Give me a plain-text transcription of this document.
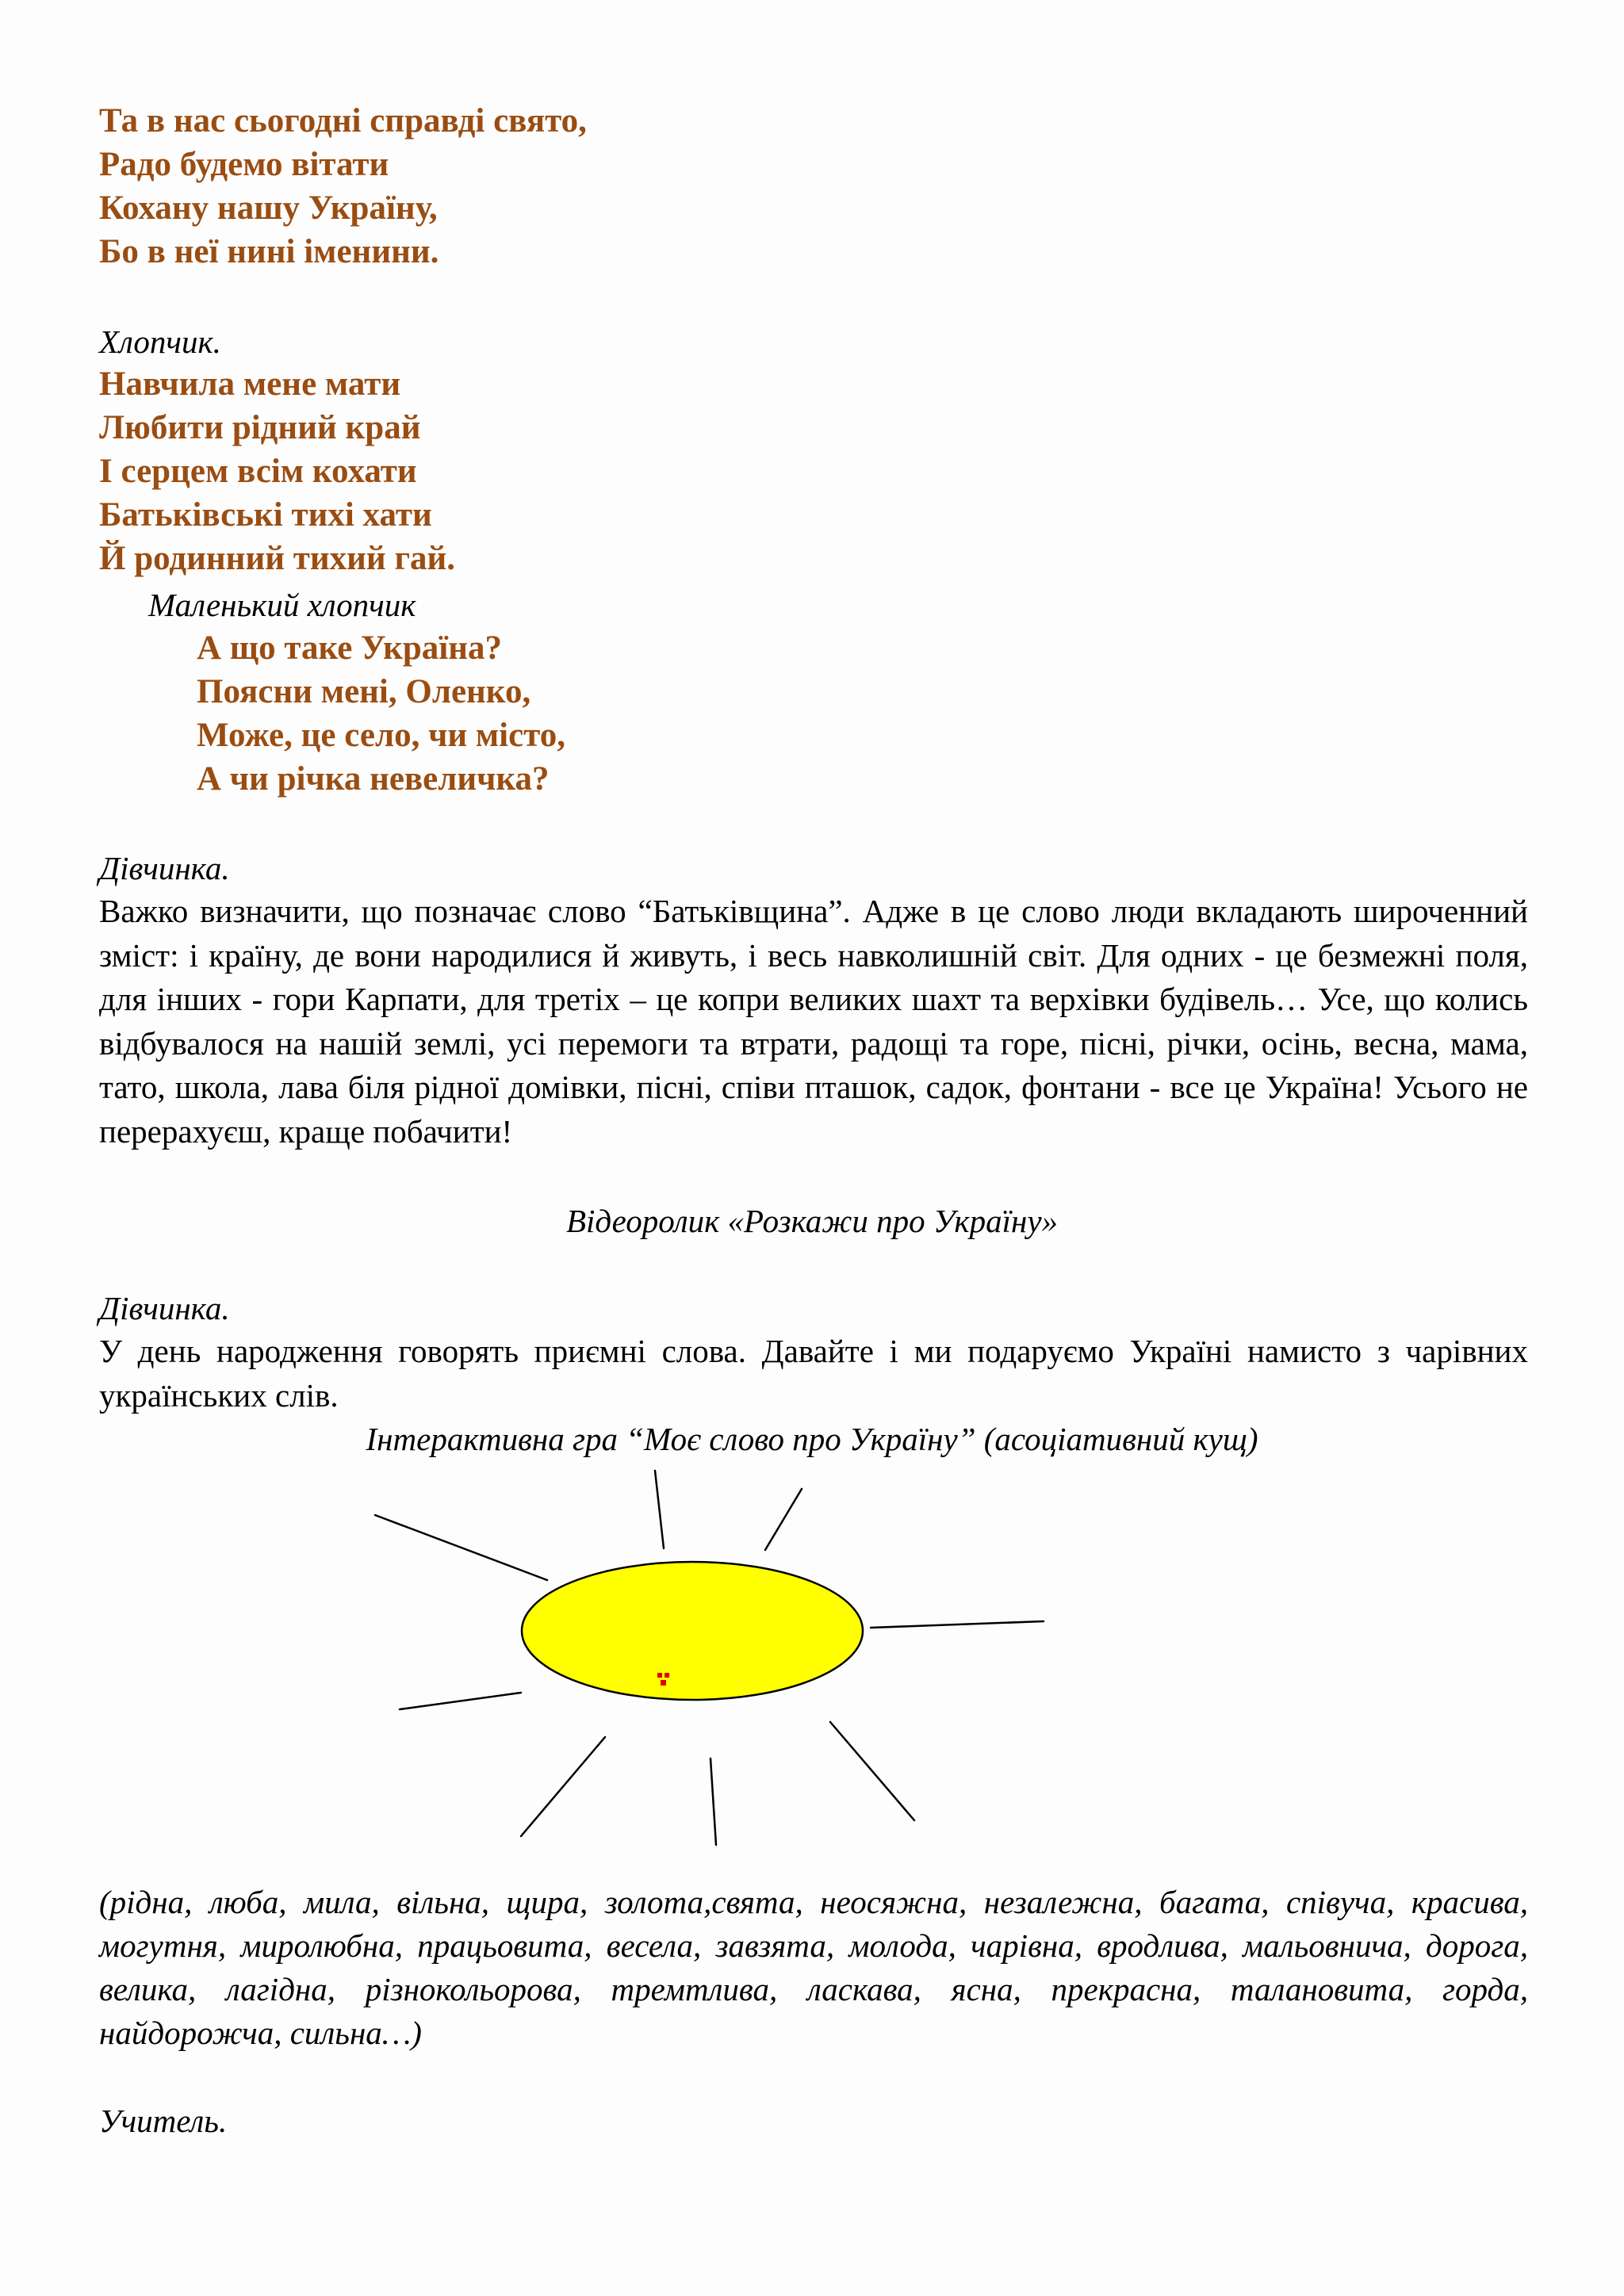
Та в нас сьогодні справді свято,

Радо будемо вітати

Кохану нашу Україну,

Бо в неї нині іменини.

Хлопчик.

Навчила мене мати

Любити рідний край

І серцем всім кохати

Батьківські тихі хати

Й родинний тихий гай.

Маленький хлопчик

А що таке Україна?

Поясни мені, Оленко,

Може, це село, чи місто,

А чи річка невеличка?

Дівчинка.

Важко визначити, що позначає слово “Батьківщина”. Адже в це слово люди вкладають широченний зміст: і країну, де вони народилися й живуть, і весь навколишній світ. Для одних - це безмежні поля, для інших - гори Карпати, для третіх – це копри великих шахт та верхівки будівель… Усе, що колись відбувалося на нашій землі, усі перемоги та втрати, радощі та горе, пісні, річки, осінь, весна, мама, тато, школа, лава біля рідної домівки, пісні, співи пташок, садок, фонтани - все це Україна! Усього не перерахуєш, краще побачити!

Відеоролик «Розкажи про Україну»

Дівчинка.

У день народження говорять приємні слова. Давайте і ми подаруємо Україні намисто з чарівних українських слів.

Інтерактивна гра “Моє слово про Україну” (асоціативний кущ)

(рідна, люба, мила, вільна, щира, золота,свята, неосяжна, незалежна, багата, співуча, красива, могутня, миролюбна, працьовита, весела, завзята, молода, чарівна, вродлива, мальовнича, дорога, велика, лагідна, різнокольорова, тремтлива, ласкава, ясна, прекрасна, талановита, горда, найдорожча, сильна…)

Учитель.
